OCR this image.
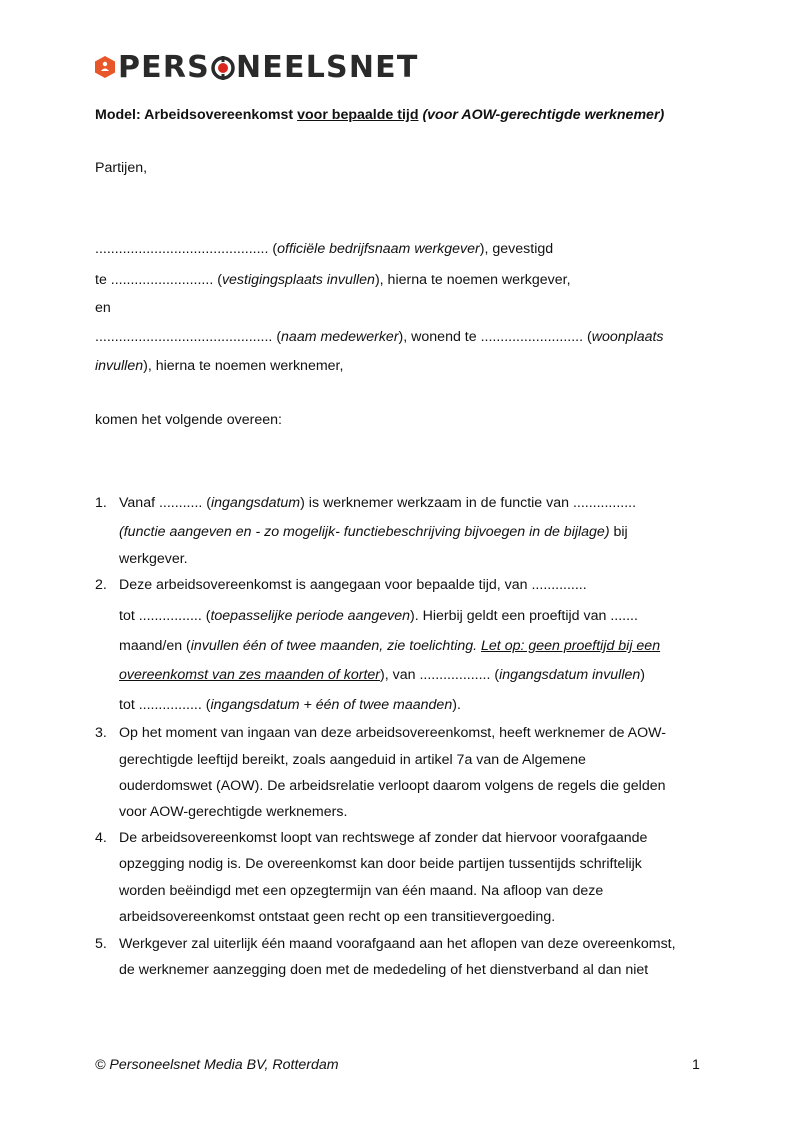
PERS NEELSNET
Model: Arbeidsovereenkomst voor bepaalde tijd (voor AOW-gerechtigde werknemer)
Partijen,
............................................ (officiële bedrijfsnaam werkgever), gevestigd
te .......................... (vestigingsplaats invullen), hierna te noemen werkgever,
en
............................................. (naam medewerker), wonend te .......................... (woonplaats
invullen), hierna te noemen werknemer,
komen het volgende overeen:
1. Vanaf ........... (ingangsdatum) is werknemer werkzaam in de functie van ................
(functie aangeven en - zo mogelijk- functiebeschrijving bijvoegen in de bijlage) bij
werkgever.
2. Deze arbeidsovereenkomst is aangegaan voor bepaalde tijd, van ..............
tot ................ (toepasselijke periode aangeven). Hierbij geldt een proeftijd van .......
maand/en (invullen één of twee maanden, zie toelichting. Let op: geen proeftijd bij een
overeenkomst van zes maanden of korter), van .................. (ingangsdatum invullen)
tot ................ (ingangsdatum + één of twee maanden).
3. Op het moment van ingaan van deze arbeidsovereenkomst, heeft werknemer de AOW-
gerechtigde leeftijd bereikt, zoals aangeduid in artikel 7a van de Algemene
ouderdomswet (AOW). De arbeidsrelatie verloopt daarom volgens de regels die gelden
voor AOW-gerechtigde werknemers.
4. De arbeidsovereenkomst loopt van rechtswege af zonder dat hiervoor voorafgaande
opzegging nodig is. De overeenkomst kan door beide partijen tussentijds schriftelijk
worden beëindigd met een opzegtermijn van één maand. Na afloop van deze
arbeidsovereenkomst ontstaat geen recht op een transitievergoeding.
5. Werkgever zal uiterlijk één maand voorafgaand aan het aflopen van deze overeenkomst,
de werknemer aanzegging doen met de mededeling of het dienstverband al dan niet
© Personeelsnet Media BV, Rotterdam	1
